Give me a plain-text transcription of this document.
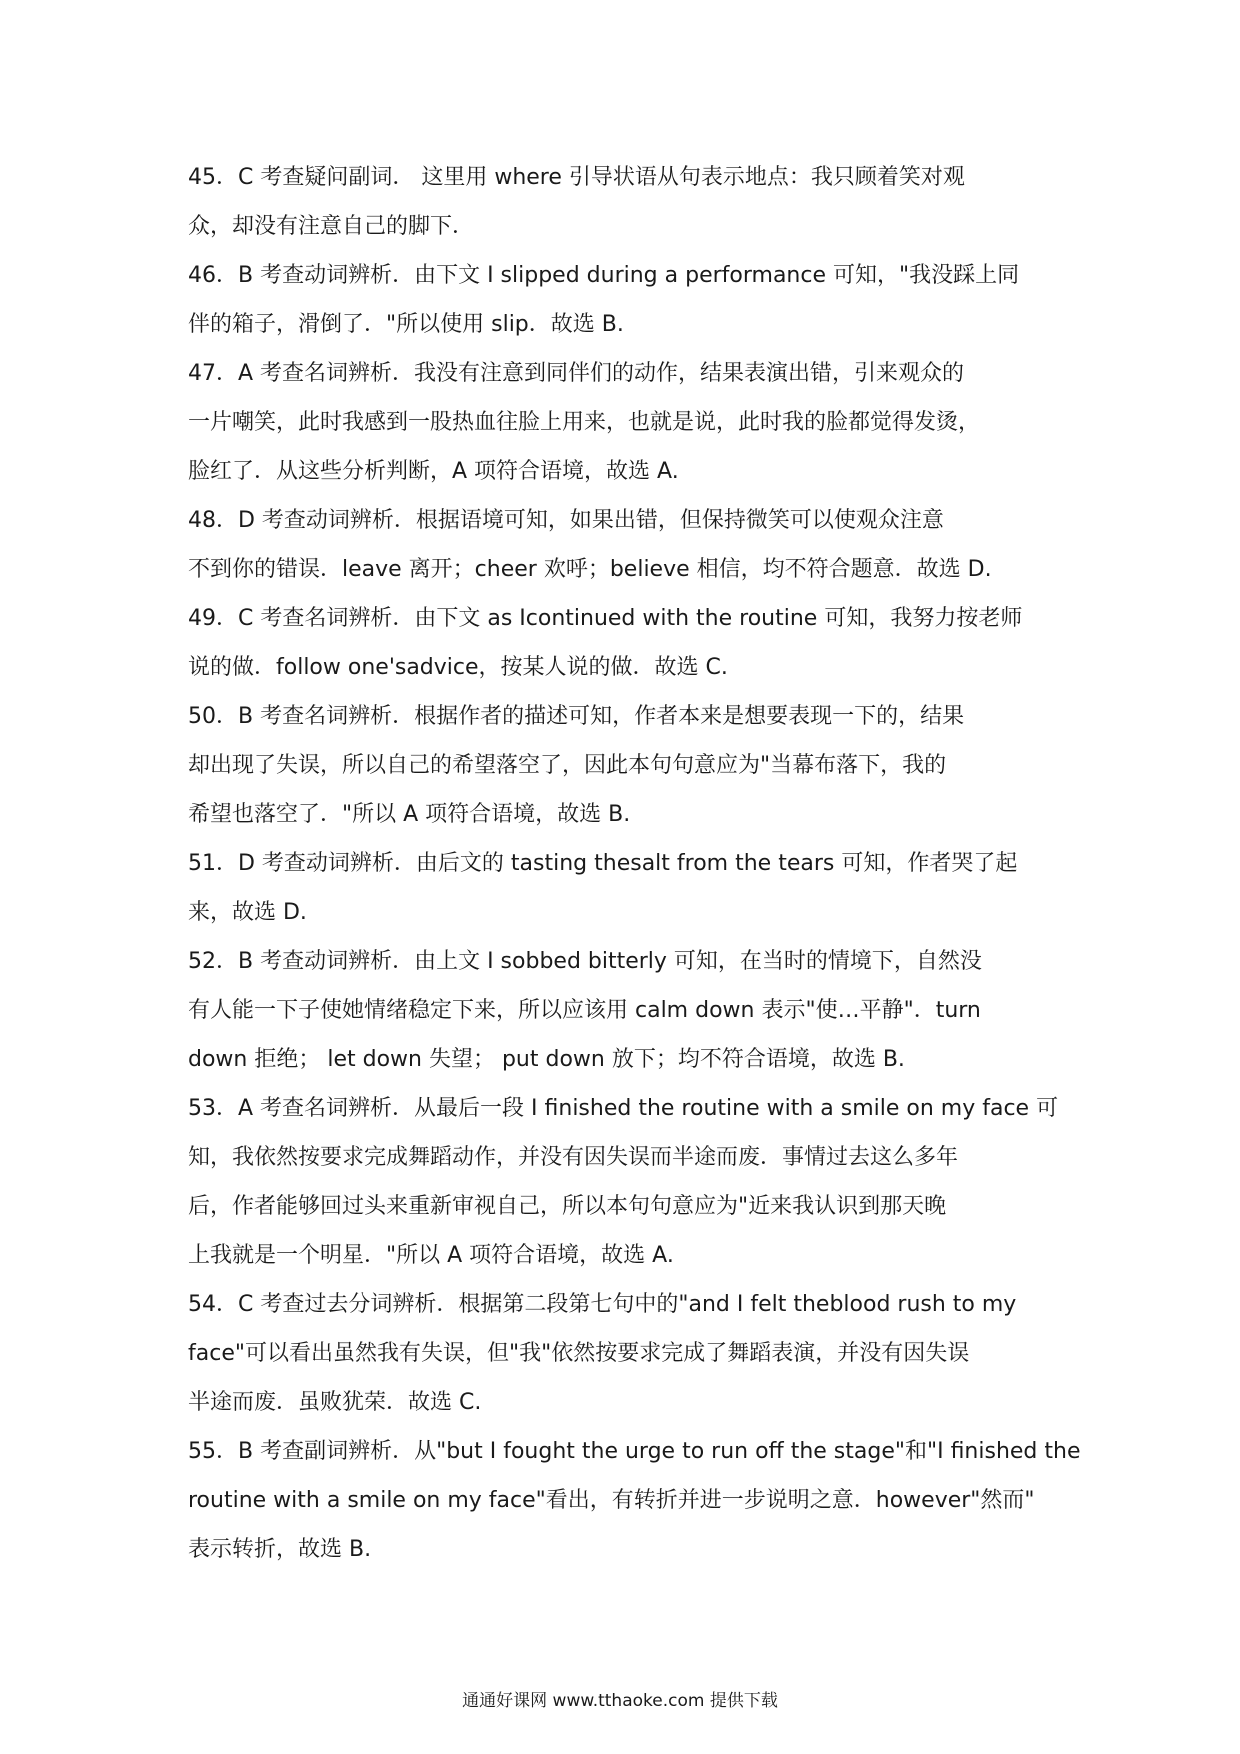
45．C 考查疑问副词． 这里用 where 引导状语从句表示地点：我只顾着笑对观
众，却没有注意自己的脚下．

46．B 考查动词辨析．由下文 I slipped during a performance 可知，"我没踩上同
伴的箱子，滑倒了．"所以使用 slip．故选 B.

47．A 考查名词辨析．我没有注意到同伴们的动作，结果表演出错，引来观众的
一片嘲笑，此时我感到一股热血往脸上用来，也就是说，此时我的脸都觉得发烫，
脸红了．从这些分析判断，A 项符合语境，故选 A.

48．D 考查动词辨析．根据语境可知，如果出错，但保持微笑可以使观众注意
不到你的错误．leave 离开；cheer 欢呼；believe 相信，均不符合题意．故选 D.

49．C 考查名词辨析．由下文 as Icontinued with the routine 可知，我努力按老师
说的做．follow one'sadvice，按某人说的做．故选 C.

50．B 考查名词辨析．根据作者的描述可知，作者本来是想要表现一下的，结果
却出现了失误，所以自己的希望落空了，因此本句句意应为"当幕布落下，我的
希望也落空了．"所以 A 项符合语境，故选 B.

51．D 考查动词辨析．由后文的 tasting thesalt from the tears 可知，作者哭了起
来，故选 D.

52．B 考查动词辨析．由上文 I sobbed bitterly 可知，在当时的情境下，自然没
有人能一下子使她情绪稳定下来，所以应该用 calm down 表示"使…平静"．turn
down 拒绝； let down 失望； put down 放下；均不符合语境，故选 B.

53．A 考查名词辨析．从最后一段 I finished the routine with a smile on my face 可
知，我依然按要求完成舞蹈动作，并没有因失误而半途而废．事情过去这么多年
后，作者能够回过头来重新审视自己，所以本句句意应为"近来我认识到那天晚
上我就是一个明星．"所以 A 项符合语境，故选 A.

54．C 考查过去分词辨析．根据第二段第七句中的"and I felt theblood rush to my
face"可以看出虽然我有失误，但"我"依然按要求完成了舞蹈表演，并没有因失误
半途而废．虽败犹荣．故选 C.

55．B 考查副词辨析．从"but I fought the urge to run off the stage"和"I finished the
routine with a smile on my face"看出，有转折并进一步说明之意．however"然而"
表示转折，故选 B.

通通好课网 www.tthaoke.com 提供下载
